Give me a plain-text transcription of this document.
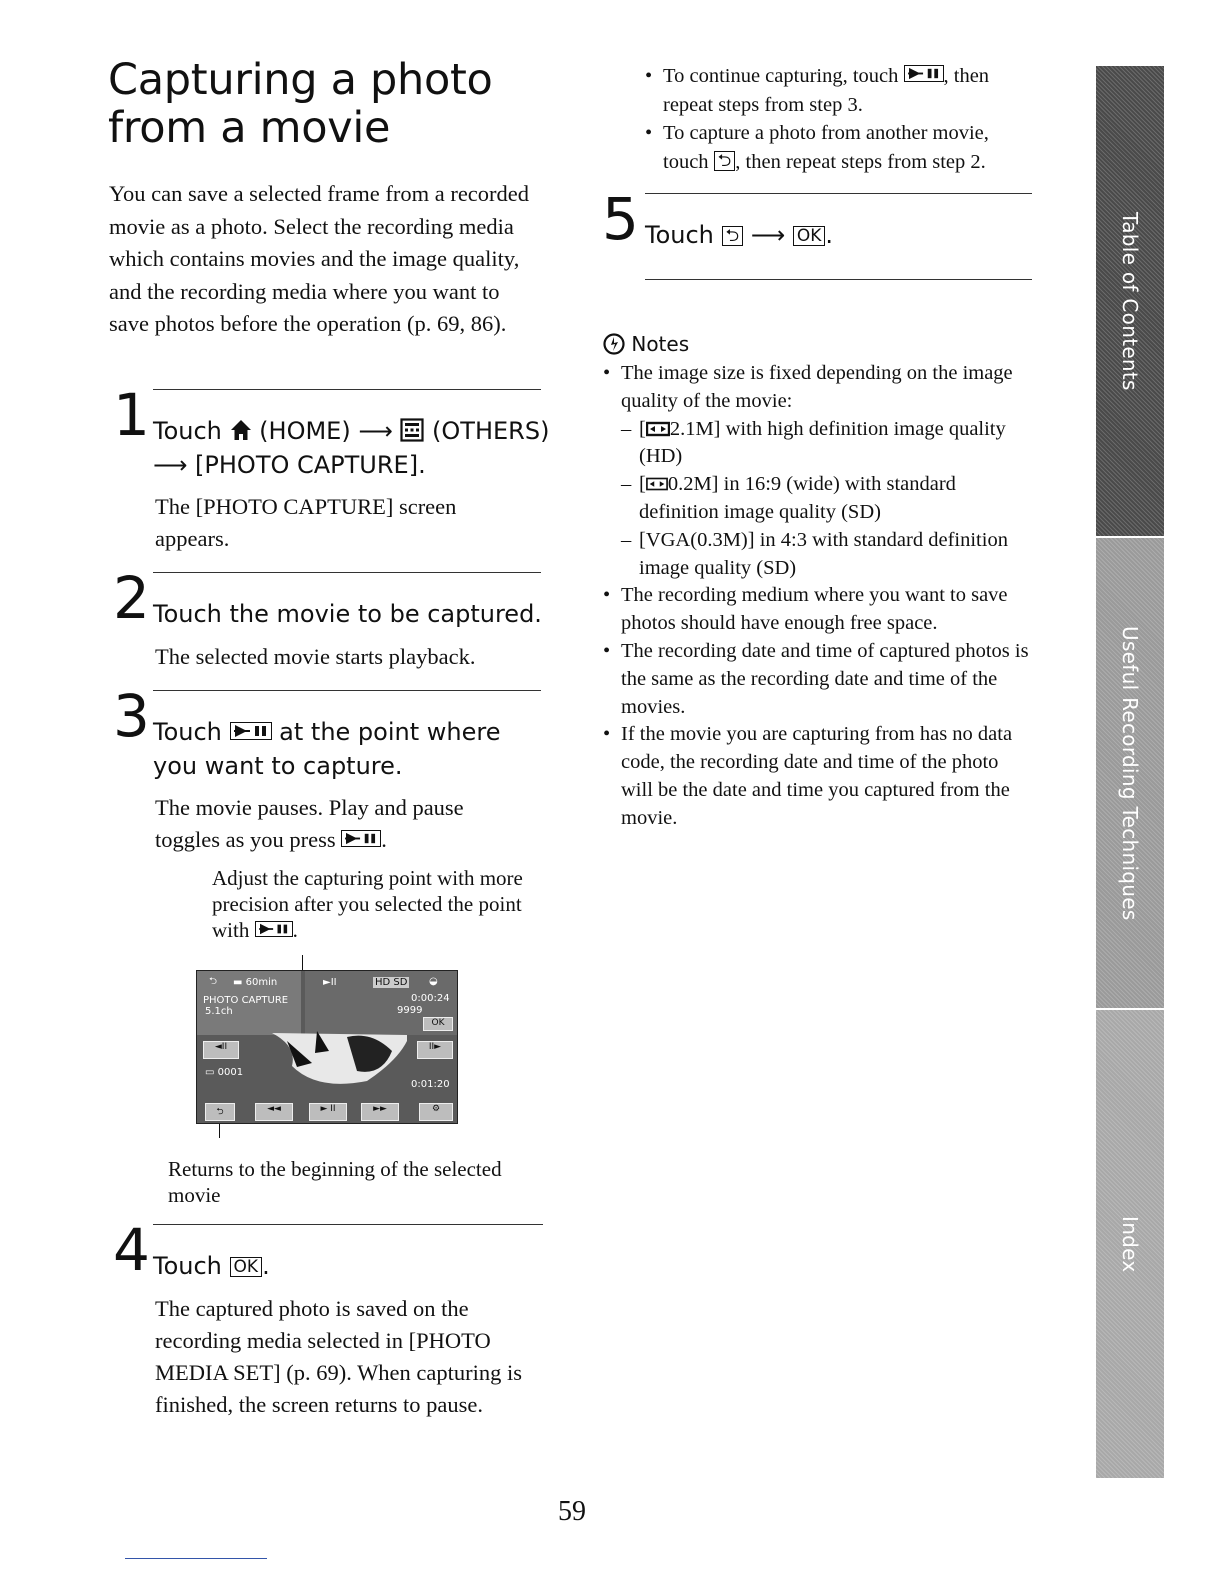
Capturing a photo from a movie

You can save a selected frame from a recorded movie as a photo. Select the recording media which contains movies and the image quality, and the recording media where you want to save photos before the operation (p. 69, 86).

1 Touch (HOME) ⟶ (OTHERS)
⟶ [PHOTO CAPTURE].

The [PHOTO CAPTURE] screen appears.

2 Touch the movie to be captured.

The selected movie starts playback.

3 Touch at the point where
you want to capture.
The movie pauses. Play and pause
toggles as you press .
Adjust the capturing point with more precision after you selected the point with .
▬ 60min
⮌
PHOTO CAPTURE
5.1ch
►II	HD SD ◒
0:00:24
9999
OK
◄II	II►
▭ 0001
0:01:20
⮌	◄◄	► II	►►	⚙

Returns to the beginning of the selected movie

4 Touch OK .

The captured photo is saved on the recording media selected in [PHOTO MEDIA SET] (p. 69). When capturing is finished, the screen returns to pause.

• To continue capturing, touch , then repeat steps from step 3.
• To capture a photo from another movie, touch ⮌ , then repeat steps from step 2.
5 Touch ⮌ ⟶ OK .
Notes
• The image size is fixed depending on the image quality of the movie:
– [ 2.1M] with high definition image quality (HD)
– [ 0.2M] in 16:9 (wide) with standard definition image quality (SD)
– [VGA(0.3M)] in 4:3 with standard definition image quality (SD)
• The recording medium where you want to save photos should have enough free space.
• The recording date and time of captured photos is the same as the recording date and time of the movies.
• If the movie you are capturing from has no data code, the recording date and time of the photo will be the date and time you captured from the movie.
Table of Contents
Useful Recording Techniques
Index
59
